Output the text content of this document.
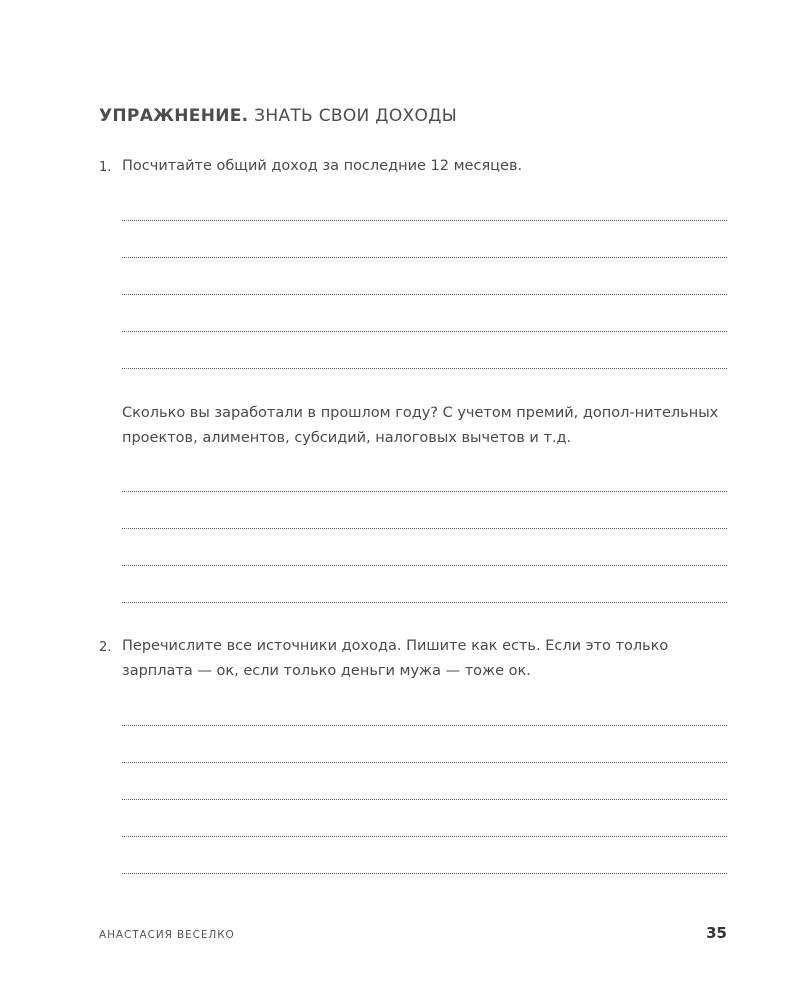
УПРАЖНЕНИЕ. ЗНАТЬ СВОИ ДОХОДЫ
1. Посчитайте общий доход за последние 12 месяцев.
Сколько вы заработали в прошлом году? С учетом премий, допол-нительных проектов, алиментов, субсидий, налоговых вычетов и т.д.
2. Перечислите все источники дохода. Пишите как есть. Если это только зарплата — ок, если только деньги мужа — тоже ок.
АНАСТАСИЯ ВЕСЕЛКО	35
